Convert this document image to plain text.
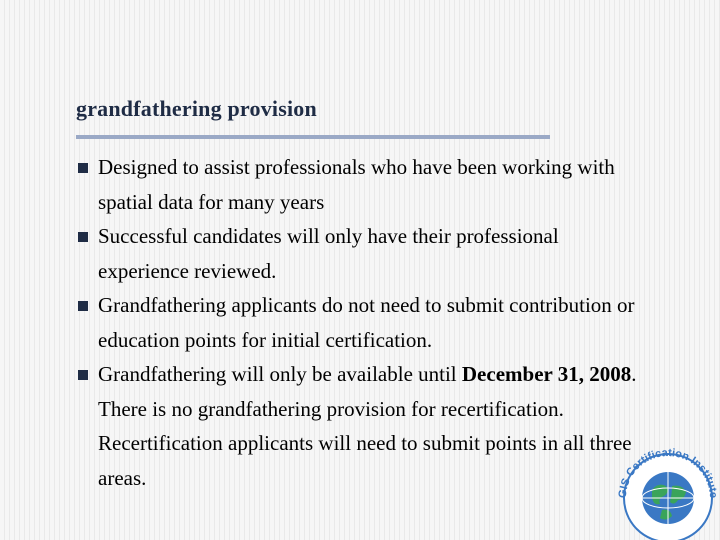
grandfathering provision
Designed to assist professionals who have been working with spatial data for many years
Successful candidates will only have their professional experience reviewed.
Grandfathering applicants do not need to submit contribution or education points for initial certification.
Grandfathering will only be available until December 31, 2008. There is no grandfathering provision for recertification. Recertification applicants will need to submit points in all three areas.
GIS Certification Institute
